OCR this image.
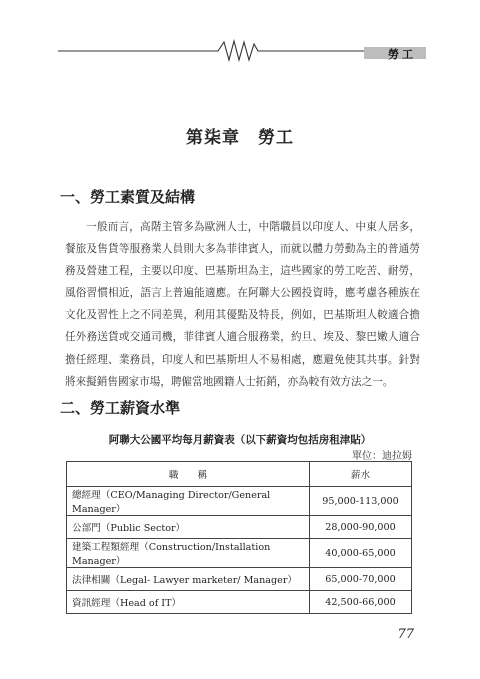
勞工
第柒章　勞工
一、勞工素質及結構
一般而言，高階主管多為歐洲人士，中階職員以印度人、中東人居多，餐旅及售貨等服務業人員則大多為菲律賓人，而就以體力勞動為主的普通勞務及營建工程，主要以印度、巴基斯坦為主，這些國家的勞工吃苦、耐勞，風俗習慣相近，語言上普遍能適應。在阿聯大公國投資時，應考慮各種族在文化及習性上之不同差異，利用其優點及特長，例如，巴基斯坦人較適合擔任外務送貨或交通司機，菲律賓人適合服務業，約旦、埃及、黎巴嫩人適合擔任經理、業務員，印度人和巴基斯坦人不易相處，應避免使其共事。針對將來擬銷售國家市場，聘僱當地國籍人士拓銷，亦為較有效方法之一。
二、勞工薪資水準
阿聯大公國平均每月薪資表（以下薪資均包括房租津貼）
單位：迪拉姆
職　　稱	薪水
總經理（CEO/Managing Director/General Manager）	95,000-113,000
公部門（Public Sector）	28,000-90,000
建築工程類經理（Construction/Installation Manager）	40,000-65,000
法律相關（Legal- Lawyer marketer/ Manager）	65,000-70,000
資訊經理（Head of IT）	42,500-66,000
77
